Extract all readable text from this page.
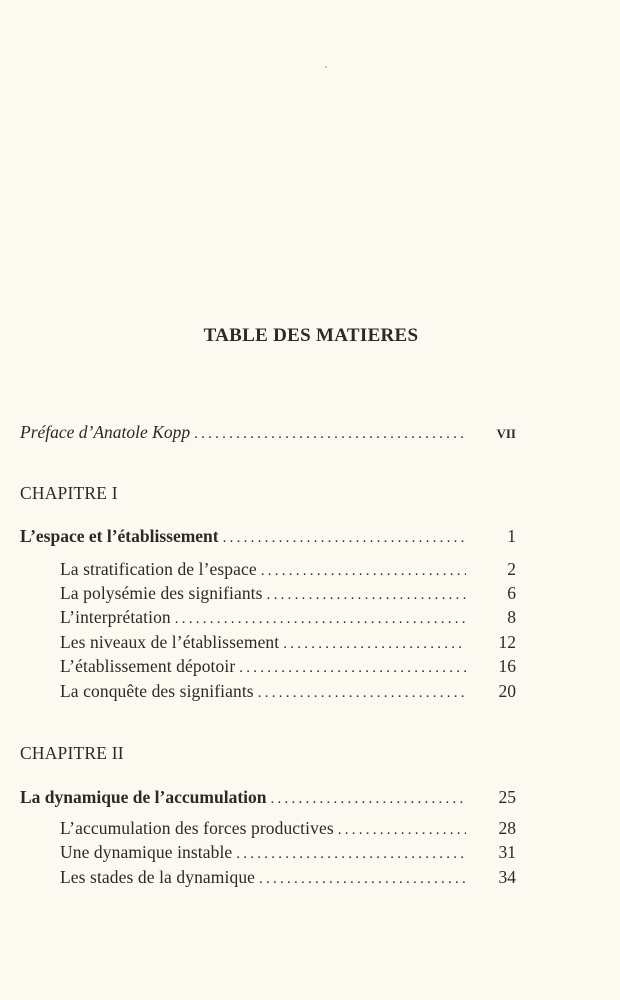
TABLE DES MATIERES
Préface d’Anatole Kopp . . .	VII
CHAPITRE I
L’espace et l’établissement . . .	1
La stratification de l’espace . . .	2
La polysémie des signifiants . . .	6
L’interprétation . . .	8
Les niveaux de l’établissement . . .	12
L’établissement dépotoir . . .	16
La conquête des signifiants . . .	20
CHAPITRE II
La dynamique de l’accumulation . . .	25
L’accumulation des forces productives . . .	28
Une dynamique instable . . .	31
Les stades de la dynamique . . .	34
